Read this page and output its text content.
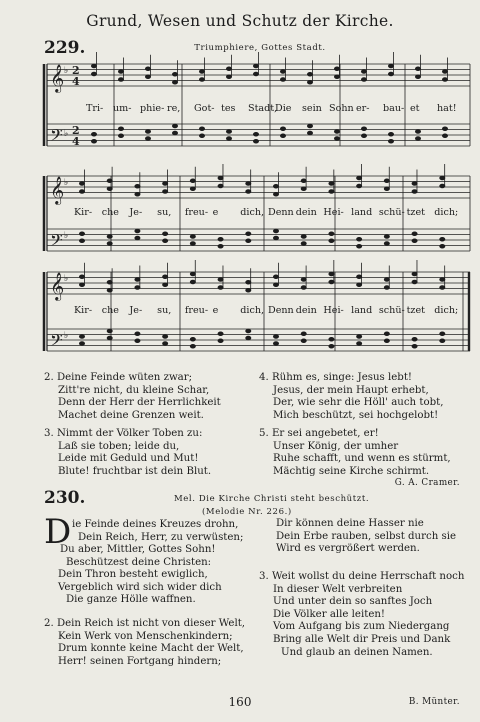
Grund, Wesen und Schutz der Kirche.
229.	Triumphiere, Gottes Stadt.
𝄞
𝄢
𝄞
𝄢
𝄞
𝄢
♭
♭
♭
♭
♭
♭
2
4
2
4
Tri- um- phie- re, Got- tes Stadt,
Die sein Sohn er- bau- et hat!
Kir- che Je- su, freu- e dich, Denn dein Hei- land schü- tzet dich;
Kir- che Je- su, freu- e dich, Denn dein Hei- land schü- tzet dich;
2. Deine Feinde wüten zwar;
Zitt're nicht, du kleine Schar,
Denn der Herr der Herrlichkeit
Machet deine Grenzen weit.
3. Nimmt der Völker Toben zu:
Laß sie toben; leide du,
Leide mit Geduld und Mut!
Blute! fruchtbar ist dein Blut.
4. Rühm es, singe: Jesus lebt!
Jesus, der mein Haupt erhebt,
Der, wie sehr die Höll' auch tobt,
Mich beschützt, sei hochgelobt!
5. Er sei angebetet, er!
Unser König, der umher
Ruhe schafft, und wenn es stürmt,
Mächtig seine Kirche schirmt.
G. A. Cramer.
230.	Mel. Die Kirche Christi steht beschützt.
(Melodie Nr. 226.)
D ie Feinde deines Kreuzes drohn,
Dein Reich, Herr, zu verwüsten;
Du aber, Mittler, Gottes Sohn!
Beschützest deine Christen:
Dein Thron besteht ewiglich,
Vergeblich wird sich wider dich
Die ganze Hölle waffnen.
2. Dein Reich ist nicht von dieser Welt,
Kein Werk von Menschenkindern;
Drum konnte keine Macht der Welt,
Herr! seinen Fortgang hindern;
Dir können deine Hasser nie
Dein Erbe rauben, selbst durch sie
Wird es vergrößert werden.
3. Weit wollst du deine Herrschaft noch
In dieser Welt verbreiten
Und unter dein so sanftes Joch
Die Völker alle leiten!
Vom Aufgang bis zum Niedergang
Bring alle Welt dir Preis und Dank
Und glaub an deinen Namen.
B. Münter.
160
